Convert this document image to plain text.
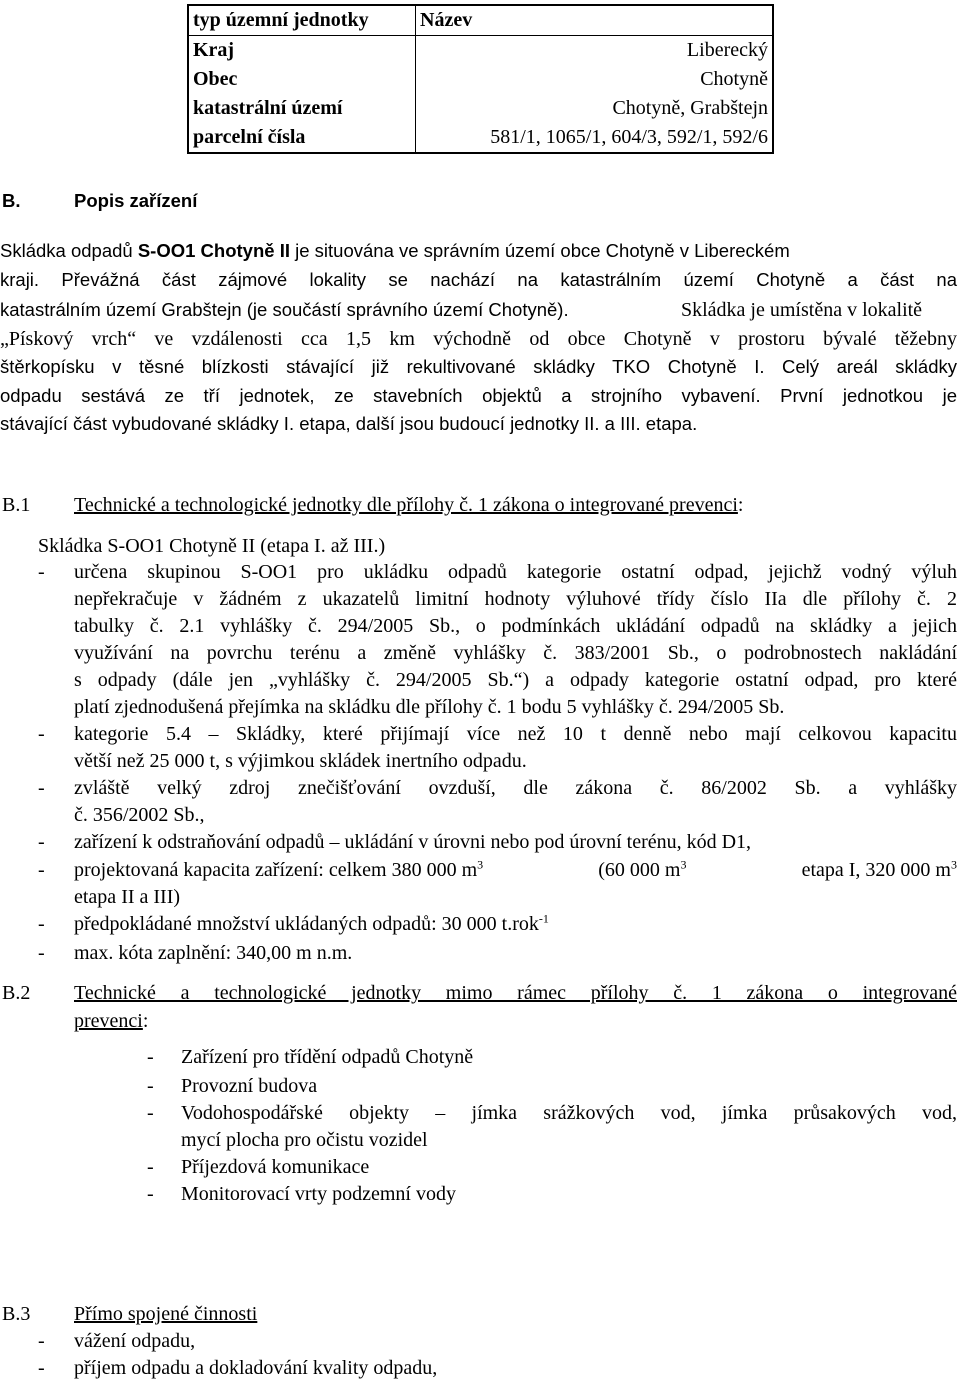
typ územní jednotky	Název
Kraj	Liberecký
Obec	Chotyně
katastrální území	Chotyně, Grabštejn
parcelní čísla	581/1, 1065/1, 604/3, 592/1, 592/6
B.	Popis zařízení
Skládka odpadů S-OO1 Chotyně II je situována ve správním území obce Chotyně v Libereckém
kraji. Převážná část zájmové lokality se nachází na katastrálním území Chotyně a část na
katastrálním území Grabštejn (je součástí správního území Chotyně).	Skládka je umístěna v lokalitě
„Pískový vrch“ ve vzdálenosti cca 1,5 km východně od obce Chotyně v prostoru bývalé těžebny
štěrkopísku v těsné blízkosti stávající již rekultivované skládky TKO Chotyně I. Celý areál skládky
odpadu sestává ze tří jednotek, ze stavebních objektů a strojního vybavení. První jednotkou je
stávající část vybudované skládky I. etapa, další jsou budoucí jednotky II. a III. etapa.
B.1 Technické a technologické jednotky dle přílohy č. 1 zákona o integrované prevenci:
Skládka S-OO1 Chotyně II (etapa I. až III.)
-
-
-
-
-
-
-
určena skupinou S-OO1 pro ukládku odpadů kategorie ostatní odpad, jejichž vodný výluh
nepřekračuje v žádném z ukazatelů limitní hodnoty výluhové třídy číslo IIa dle přílohy č. 2
tabulky č. 2.1 vyhlášky č. 294/2005 Sb., o podmínkách ukládání odpadů na skládky a jejich
využívání na povrchu terénu a změně vyhlášky č. 383/2001 Sb., o podrobnostech nakládání
s odpady (dále jen „vyhlášky č. 294/2005 Sb.“) a odpady kategorie ostatní odpad, pro které
platí zjednodušená přejímka na skládku dle přílohy č. 1 bodu 5 vyhlášky č. 294/2005 Sb.
kategorie 5.4 – Skládky, které přijímají více než 10 t denně nebo mají celkovou kapacitu
větší než 25 000 t, s výjimkou skládek inertního odpadu.
zvláště velký zdroj znečišťování ovzduší, dle zákona č. 86/2002 Sb. a vyhlášky
č. 356/2002 Sb.,
zařízení k odstraňování odpadů – ukládání v úrovni nebo pod úrovní terénu, kód D1,
projektovaná kapacita zařízení: celkem 380 000 $m^3$	(60 000 $m^3$	etapa I, 320 000 $m^3$
etapa II a III)
předpokládané množství ukládaných odpadů: 30 000 t.rok$^{-1}$
max. kóta zaplnění: 340,00 m n.m.
B.2 Technické a technologické jednotky mimo rámec přílohy č. 1 zákona o integrované
prevenci:
-
-
-
-
-
Zařízení pro třídění odpadů Chotyně
Provozní budova
Vodohospodářské objekty – jímka srážkových vod, jímka průsakových vod,
mycí plocha pro očistu vozidel
Příjezdová komunikace
Monitorovací vrty podzemní vody
B.3 Přímo spojené činnosti
- vážení odpadu,
- příjem odpadu a dokladování kvality odpadu,
